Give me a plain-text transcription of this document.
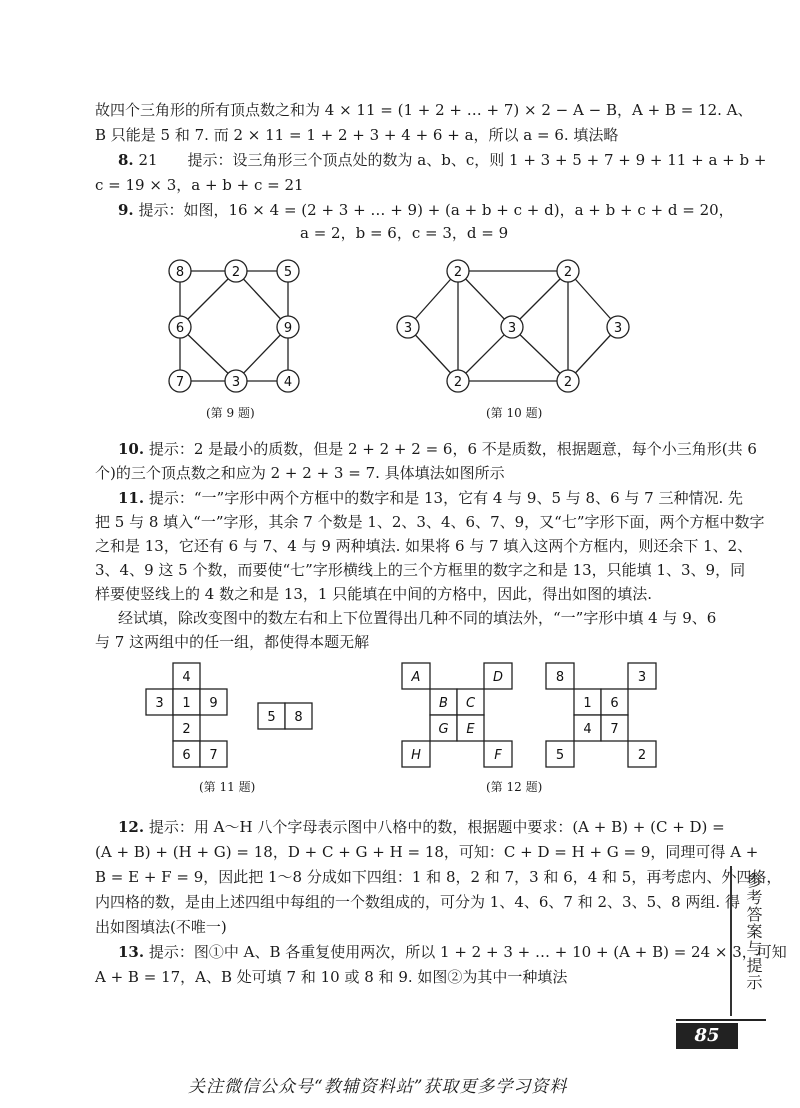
故四个三角形的所有顶点数之和为 4 × 11 = (1 + 2 + … + 7) × 2 − A − B，A + B = 12. A、
B 只能是 5 和 7. 而 2 × 11 = 1 + 2 + 3 + 4 + 6 + a，所以 a = 6. 填法略
8. 21　　提示：设三角形三个顶点处的数为 a、b、c，则 1 + 3 + 5 + 7 + 9 + 11 + a + b +
c = 19 × 3，a + b + c = 21
9. 提示：如图，16 × 4 = (2 + 3 + … + 9) + (a + b + c + d)，a + b + c + d = 20，
a = 2，b = 6，c = 3，d = 9
8	2	5
6	9
7	3	4
(第 9 题)
2	2
3	3	3
2	2
(第 10 题)
10. 提示：2 是最小的质数，但是 2 + 2 + 2 = 6，6 不是质数，根据题意，每个小三角形(共 6
个)的三个顶点数之和应为 2 + 2 + 3 = 7. 具体填法如图所示
11. 提示：“一”字形中两个方框中的数字和是 13，它有 4 与 9、5 与 8、6 与 7 三种情况. 先
把 5 与 8 填入“一”字形，其余 7 个数是 1、2、3、4、6、7、9，又“七”字形下面，两个方框中数字
之和是 13，它还有 6 与 7、4 与 9 两种填法. 如果将 6 与 7 填入这两个方框内，则还余下 1、2、
3、4、9 这 5 个数，而要使“七”字形横线上的三个方框里的数字之和是 13，只能填 1、3、9，同
样要使竖线上的 4 数之和是 13，1 只能填在中间的方格中，因此，得出如图的填法.
经试填，除改变图中的数左右和上下位置得出几种不同的填法外，“一”字形中填 4 与 9、6
与 7 这两组中的任一组，都使得本题无解
4
3 1 9
2
6 7
5 8
(第 11 题)
A	D
B C
G E
H	F
8	3
1 6
4 7
5	2
(第 12 题)
12. 提示：用 A～H 八个字母表示图中八格中的数，根据题中要求：(A + B) + (C + D) =
(A + B) + (H + G) = 18，D + C + G + H = 18，可知：C + D = H + G = 9，同理可得 A +
B = E + F = 9，因此把 1～8 分成如下四组：1 和 8，2 和 7，3 和 6，4 和 5，再考虑内、外四格，
内四格的数，是由上述四组中每组的一个数组成的，可分为 1、4、6、7 和 2、3、5、8 两组. 得
出如图填法(不唯一)
13. 提示：图①中 A、B 各重复使用两次，所以 1 + 2 + 3 + … + 10 + (A + B) = 24 × 3，可知
A + B = 17，A、B 处可填 7 和 10 或 8 和 9. 如图②为其中一种填法	参考答案与提示
85
关注微信公众号“教辅资料站”获取更多学习资料
